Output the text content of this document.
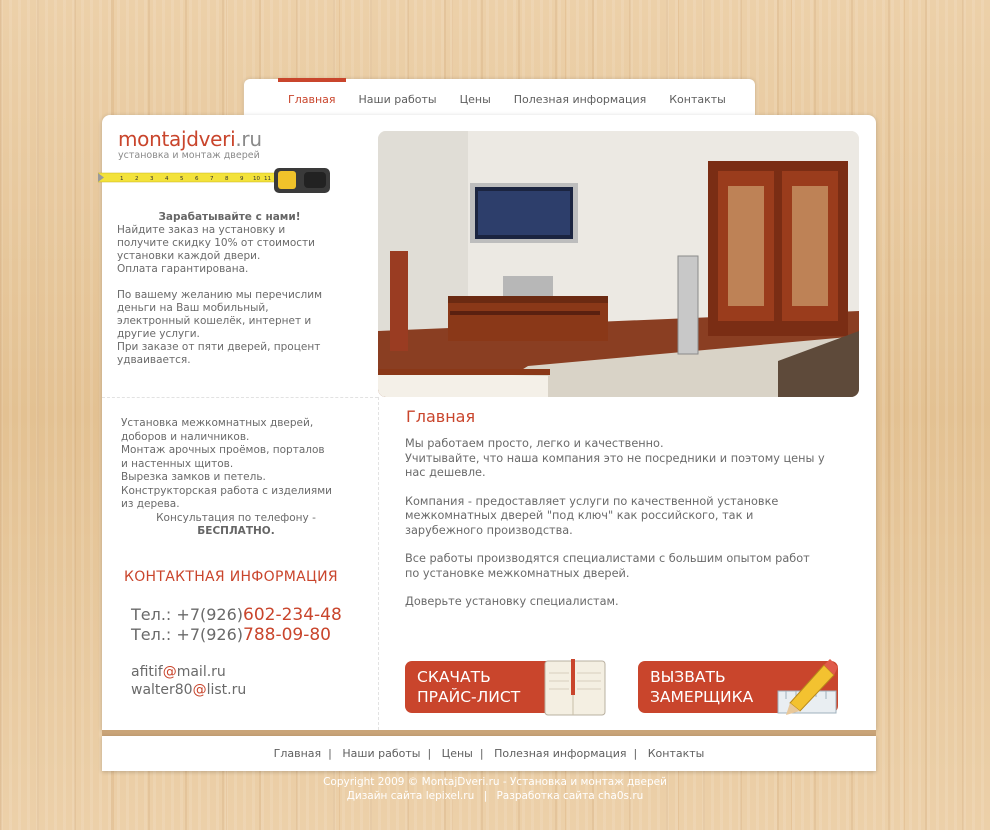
Главная	Наши работы	Цены	Полезная информация	Контакты
montajdveri.ru
установка и монтаж дверей
1 2 3 4 5 6 7 8 9 10 11
Зарабатывайте с нами!
Найдите заказ на установку и
получите скидку 10% от стоимости
установки каждой двери.
Оплата гарантирована.
По вашему желанию мы перечислим
деньги на Ваш мобильный,
электронный кошелёк, интернет и
другие услуги.
При заказе от пяти дверей, процент
удваивается.
Установка межкомнатных дверей,
доборов и наличников.
Монтаж арочных проёмов, порталов
и настенных щитов.
Вырезка замков и петель.
Конструкторская работа с изделиями
из дерева.
Консультация по телефону -
БЕСПЛАТНО.
КОНТАКТНАЯ ИНФОРМАЦИЯ
Тел.: +7(926)602-234-48
Тел.: +7(926)788-09-80
afitif@mail.ru
walter80@list.ru
Главная

Мы работаем просто, легко и качественно.
Учитывайте, что наша компания это не посредники и поэтому цены у нас дешевле.

Компания - предоставляет услуги по качественной установке межкомнатных дверей "под ключ" как российского, так и зарубежного производства.

Все работы производятся специалистами с большим опытом работ по установке межкомнатных дверей.

Доверьте установку специалистам.

СКАЧАТЬ
ПРАЙС-ЛИСТ
ВЫЗВАТЬ
ЗАМЕРЩИКА
Главная | Наши работы | Цены | Полезная информация | Контакты
Copyright 2009 © MontajDveri.ru - Установка и монтаж дверей
Дизайн сайта lepixel.ru | Разработка сайта cha0s.ru
